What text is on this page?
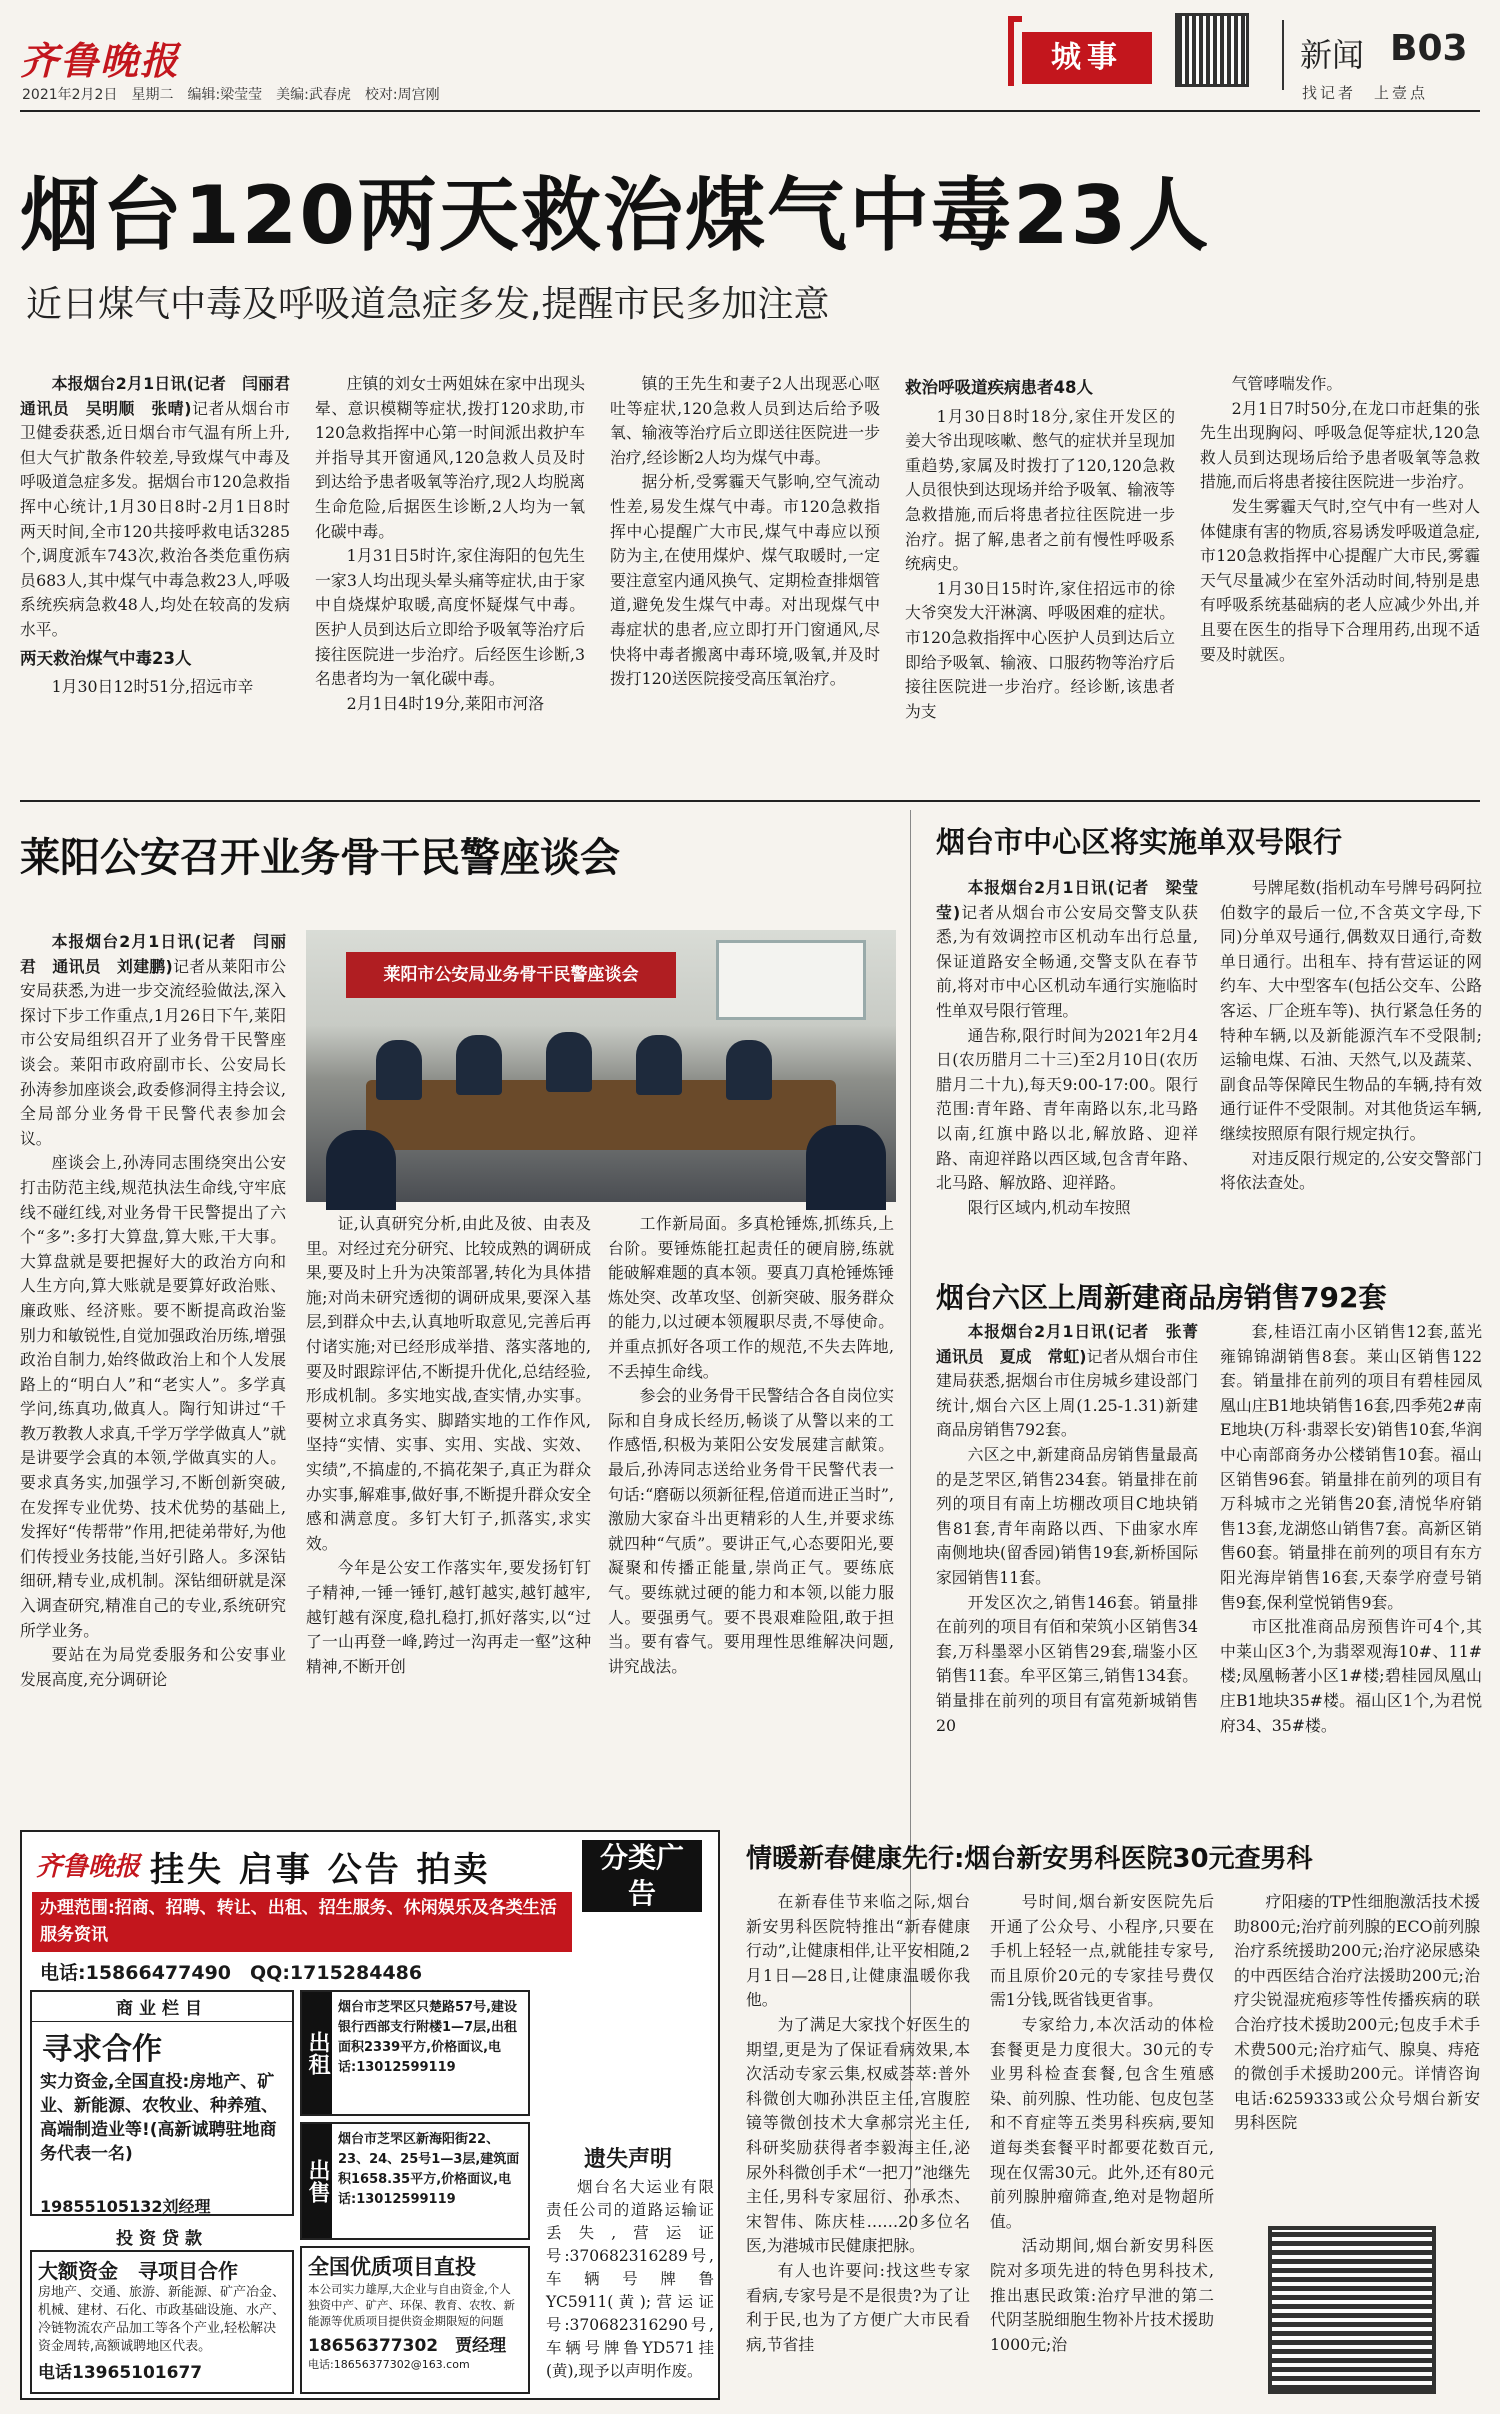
齐鲁晚报
2021年2月2日　星期二　编辑:梁莹莹　美编:武春虎　校对:周宫刚
城事	新闻 B03
找记者　上壹点
烟台120两天救治煤气中毒23人
近日煤气中毒及呼吸道急症多发,提醒市民多加注意

本报烟台2月1日讯(记者　闫丽君　通讯员　吴明顺　张晴)记者从烟台市卫健委获悉,近日烟台市气温有所上升,但大气扩散条件较差,导致煤气中毒及呼吸道急症多发。据烟台市120急救指挥中心统计,1月30日8时-2月1日8时两天时间,全市120共接呼救电话3285个,调度派车743次,救治各类危重伤病员683人,其中煤气中毒急救23人,呼吸系统疾病急救48人,均处在较高的发病水平。

两天救治煤气中毒23人

1月30日12时51分,招远市辛

庄镇的刘女士两姐妹在家中出现头晕、意识模糊等症状,拨打120求助,市120急救指挥中心第一时间派出救护车并指导其开窗通风,120急救人员及时到达给予患者吸氧等治疗,现2人均脱离生命危险,后据医生诊断,2人均为一氧化碳中毒。

1月31日5时许,家住海阳的包先生一家3人均出现头晕头痛等症状,由于家中自烧煤炉取暖,高度怀疑煤气中毒。医护人员到达后立即给予吸氧等治疗后接往医院进一步治疗。后经医生诊断,3名患者均为一氧化碳中毒。

2月1日4时19分,莱阳市河洛

镇的王先生和妻子2人出现恶心呕吐等症状,120急救人员到达后给予吸氧、输液等治疗后立即送往医院进一步治疗,经诊断2人均为煤气中毒。

据分析,受雾霾天气影响,空气流动性差,易发生煤气中毒。市120急救指挥中心提醒广大市民,煤气中毒应以预防为主,在使用煤炉、煤气取暖时,一定要注意室内通风换气、定期检查排烟管道,避免发生煤气中毒。对出现煤气中毒症状的患者,应立即打开门窗通风,尽快将中毒者搬离中毒环境,吸氧,并及时拨打120送医院接受高压氧治疗。

救治呼吸道疾病患者48人

1月30日8时18分,家住开发区的姜大爷出现咳嗽、憋气的症状并呈现加重趋势,家属及时拨打了120,120急救人员很快到达现场并给予吸氧、输液等急救措施,而后将患者拉往医院进一步治疗。据了解,患者之前有慢性呼吸系统病史。

1月30日15时许,家住招远市的徐大爷突发大汗淋漓、呼吸困难的症状。市120急救指挥中心医护人员到达后立即给予吸氧、输液、口服药物等治疗后接往医院进一步治疗。经诊断,该患者为支

气管哮喘发作。

2月1日7时50分,在龙口市赶集的张先生出现胸闷、呼吸急促等症状,120急救人员到达现场后给予患者吸氧等急救措施,而后将患者接往医院进一步治疗。

发生雾霾天气时,空气中有一些对人体健康有害的物质,容易诱发呼吸道急症,市120急救指挥中心提醒广大市民,雾霾天气尽量减少在室外活动时间,特别是患有呼吸系统基础病的老人应减少外出,并且要在医生的指导下合理用药,出现不适要及时就医。

莱阳公安召开业务骨干民警座谈会

本报烟台2月1日讯(记者　闫丽君　通讯员　刘建鹏)记者从莱阳市公安局获悉,为进一步交流经验做法,深入探讨下步工作重点,1月26日下午,莱阳市公安局组织召开了业务骨干民警座谈会。莱阳市政府副市长、公安局长孙涛参加座谈会,政委修洞得主持会议,全局部分业务骨干民警代表参加会议。

座谈会上,孙涛同志围绕突出公安打击防范主线,规范执法生命线,守牢底线不碰红线,对业务骨干民警提出了六个“多”:多打大算盘,算大账,干大事。大算盘就是要把握好大的政治方向和人生方向,算大账就是要算好政治账、廉政账、经济账。要不断提高政治鉴别力和敏锐性,自觉加强政治历练,增强政治自制力,始终做政治上和个人发展路上的“明白人”和“老实人”。多学真学问,练真功,做真人。陶行知讲过“千教万教教人求真,千学万学学做真人”就是讲要学会真的本领,学做真实的人。要求真务实,加强学习,不断创新突破,在发挥专业优势、技术优势的基础上,发挥好“传帮带”作用,把徒弟带好,为他们传授业务技能,当好引路人。多深钻细研,精专业,成机制。深钻细研就是深入调查研究,精准自己的专业,系统研究所学业务。

要站在为局党委服务和公安事业发展高度,充分调研论

莱阳市公安局业务骨干民警座谈会

证,认真研究分析,由此及彼、由表及里。对经过充分研究、比较成熟的调研成果,要及时上升为决策部署,转化为具体措施;对尚未研究透彻的调研成果,要深入基层,到群众中去,认真地听取意见,完善后再付诸实施;对已经形成举措、落实落地的,要及时跟踪评估,不断提升优化,总结经验,形成机制。多实地实战,查实情,办实事。要树立求真务实、脚踏实地的工作作风,坚持“实情、实事、实用、实战、实效、实绩”,不搞虚的,不搞花架子,真正为群众办实事,解难事,做好事,不断提升群众安全感和满意度。多钉大钉子,抓落实,求实效。

今年是公安工作落实年,要发扬钉钉子精神,一锤一锤钉,越钉越实,越钉越牢,越钉越有深度,稳扎稳打,抓好落实,以“过了一山再登一峰,跨过一沟再走一壑”这种精神,不断开创

工作新局面。多真枪锤炼,抓练兵,上台阶。要锤炼能扛起责任的硬肩膀,练就能破解难题的真本领。要真刀真枪锤炼锤炼处突、改革攻坚、创新突破、服务群众的能力,以过硬本领履职尽责,不辱使命。并重点抓好各项工作的规范,不失去阵地,不丢掉生命线。

参会的业务骨干民警结合各自岗位实际和自身成长经历,畅谈了从警以来的工作感悟,积极为莱阳公安发展建言献策。最后,孙涛同志送给业务骨干民警代表一句话:“磨砺以须新征程,倍道而进正当时”,激励大家奋斗出更精彩的人生,并要求练就四种“气质”。要讲正气,心态要阳光,要凝聚和传播正能量,崇尚正气。要练底气。要练就过硬的能力和本领,以能力服人。要强勇气。要不畏艰难险阻,敢于担当。要有睿气。要用理性思维解决问题,讲究战法。

烟台市中心区将实施单双号限行

本报烟台2月1日讯(记者　梁莹莹)记者从烟台市公安局交警支队获悉,为有效调控市区机动车出行总量,保证道路安全畅通,交警支队在春节前,将对市中心区机动车通行实施临时性单双号限行管理。

通告称,限行时间为2021年2月4日(农历腊月二十三)至2月10日(农历腊月二十九),每天9:00-17:00。限行范围:青年路、青年南路以东,北马路以南,红旗中路以北,解放路、迎祥路、南迎祥路以西区域,包含青年路、北马路、解放路、迎祥路。

限行区域内,机动车按照

号牌尾数(指机动车号牌号码阿拉伯数字的最后一位,不含英文字母,下同)分单双号通行,偶数双日通行,奇数单日通行。出租车、持有营运证的网约车、大中型客车(包括公交车、公路客运、厂企班车等)、执行紧急任务的特种车辆,以及新能源汽车不受限制;运输电煤、石油、天然气,以及蔬菜、副食品等保障民生物品的车辆,持有效通行证件不受限制。对其他货运车辆,继续按照原有限行规定执行。

对违反限行规定的,公安交警部门将依法查处。

烟台六区上周新建商品房销售792套

本报烟台2月1日讯(记者　张菁　通讯员　夏成　常虹)记者从烟台市住建局获悉,据烟台市住房城乡建设部门统计,烟台六区上周(1.25-1.31)新建商品房销售792套。

六区之中,新建商品房销售量最高的是芝罘区,销售234套。销量排在前列的项目有南上坊棚改项目C地块销售81套,青年南路以西、下曲家水库南侧地块(留香园)销售19套,新桥国际家园销售11套。

开发区次之,销售146套。销量排在前列的项目有佰和荣筑小区销售34套,万科墨翠小区销售29套,瑞鉴小区销售11套。牟平区第三,销售134套。销量排在前列的项目有富苑新城销售20

套,桂语江南小区销售12套,蓝光雍锦锦湖销售8套。莱山区销售122套。销量排在前列的项目有碧桂园凤凰山庄B1地块销售16套,四季苑2#南E地块(万科·翡翠长安)销售10套,华润中心南部商务办公楼销售10套。福山区销售96套。销量排在前列的项目有万科城市之光销售20套,清悦华府销售13套,龙湖悠山销售7套。高新区销售60套。销量排在前列的项目有东方阳光海岸销售16套,天泰学府壹号销售9套,保利堂悦销售9套。

市区批准商品房预售许可4个,其中莱山区3个,为翡翠观海10#、11#楼;凤凰畅著小区1#楼;碧桂园凤凰山庄B1地块35#楼。福山区1个,为君悦府34、35#楼。

齐鲁晚报 挂失 启事 公告 拍卖	分类广告
办理范围:招商、招聘、转让、出租、招生服务、休闲娱乐及各类生活服务资讯
电话:15866477490　QQ:1715284486
商业栏目
寻求合作
实力资金,全国直投:房地产、矿业、新能源、农牧业、种养殖、高端制造业等!(高新诚聘驻地商务代表一名)
19855105132刘经理
出租
烟台市芝罘区只楚路57号,建设银行西部支行附楼1—7层,出租面积2339平方,价格面议,电话:13012599119
出售
烟台市芝罘区新海阳街22、23、24、25号1—3层,建筑面积1658.35平方,价格面议,电话:13012599119
投资贷款
大额资金　寻项目合作
房地产、交通、旅游、新能源、矿产冶金、机械、建材、石化、市政基础设施、水产、冷链物流农产品加工等各个产业,轻松解决资金周转,高额诚聘地区代表。
电话13965101677
全国优质项目直投
本公司实力雄厚,大企业与自由资金,个人独资中产、矿产、环保、教育、农牧、新能源等优质项目提供资金期限短的问题
18656377302　贾经理
电话:18656377302@163.com
遗失声明
烟台名大运业有限责任公司的道路运输证丢失,营运证号:370682316289号,车辆号牌鲁YC5911(黄);营运证号:370682316290号,车辆号牌鲁YD571挂(黄),现予以声明作废。
情暖新春健康先行:烟台新安男科医院30元查男科

在新春佳节来临之际,烟台新安男科医院特推出“新春健康行动”,让健康相伴,让平安相随,2月1日—28日,让健康温暖你我他。

为了满足大家找个好医生的期望,更是为了保证看病效果,本次活动专家云集,权威荟萃:普外科微创大咖孙洪臣主任,宫腹腔镜等微创技术大拿郝宗光主任,科研奖励获得者李毅海主任,泌尿外科微创手术“一把刀”池继先主任,男科专家屈衍、孙承杰、宋智伟、陈庆桂……20多位名医,为港城市民健康把脉。

有人也许要问:找这些专家看病,专家号是不是很贵?为了让利于民,也为了方便广大市民看病,节省挂

号时间,烟台新安医院先后开通了公众号、小程序,只要在手机上轻轻一点,就能挂专家号,而且原价20元的专家挂号费仅需1分钱,既省钱更省事。

专家给力,本次活动的体检套餐更是力度很大。30元的专业男科检查套餐,包含生殖感染、前列腺、性功能、包皮包茎和不育症等五类男科疾病,要知道每类套餐平时都要花数百元,现在仅需30元。此外,还有80元前列腺肿瘤筛查,绝对是物超所值。

活动期间,烟台新安男科医院对多项先进的特色男科技术,推出惠民政策:治疗早泄的第二代阴茎脱细胞生物补片技术援助1000元;治

疗阳痿的TP性细胞激活技术援助800元;治疗前列腺的ECO前列腺治疗系统援助200元;治疗泌尿感染的中西医结合治疗法援助200元;治疗尖锐湿疣疱疹等性传播疾病的联合治疗技术援助200元;包皮手术手术费500元;治疗疝气、腺臭、痔疮的微创手术援助200元。详情咨询电话:6259333或公众号烟台新安男科医院
